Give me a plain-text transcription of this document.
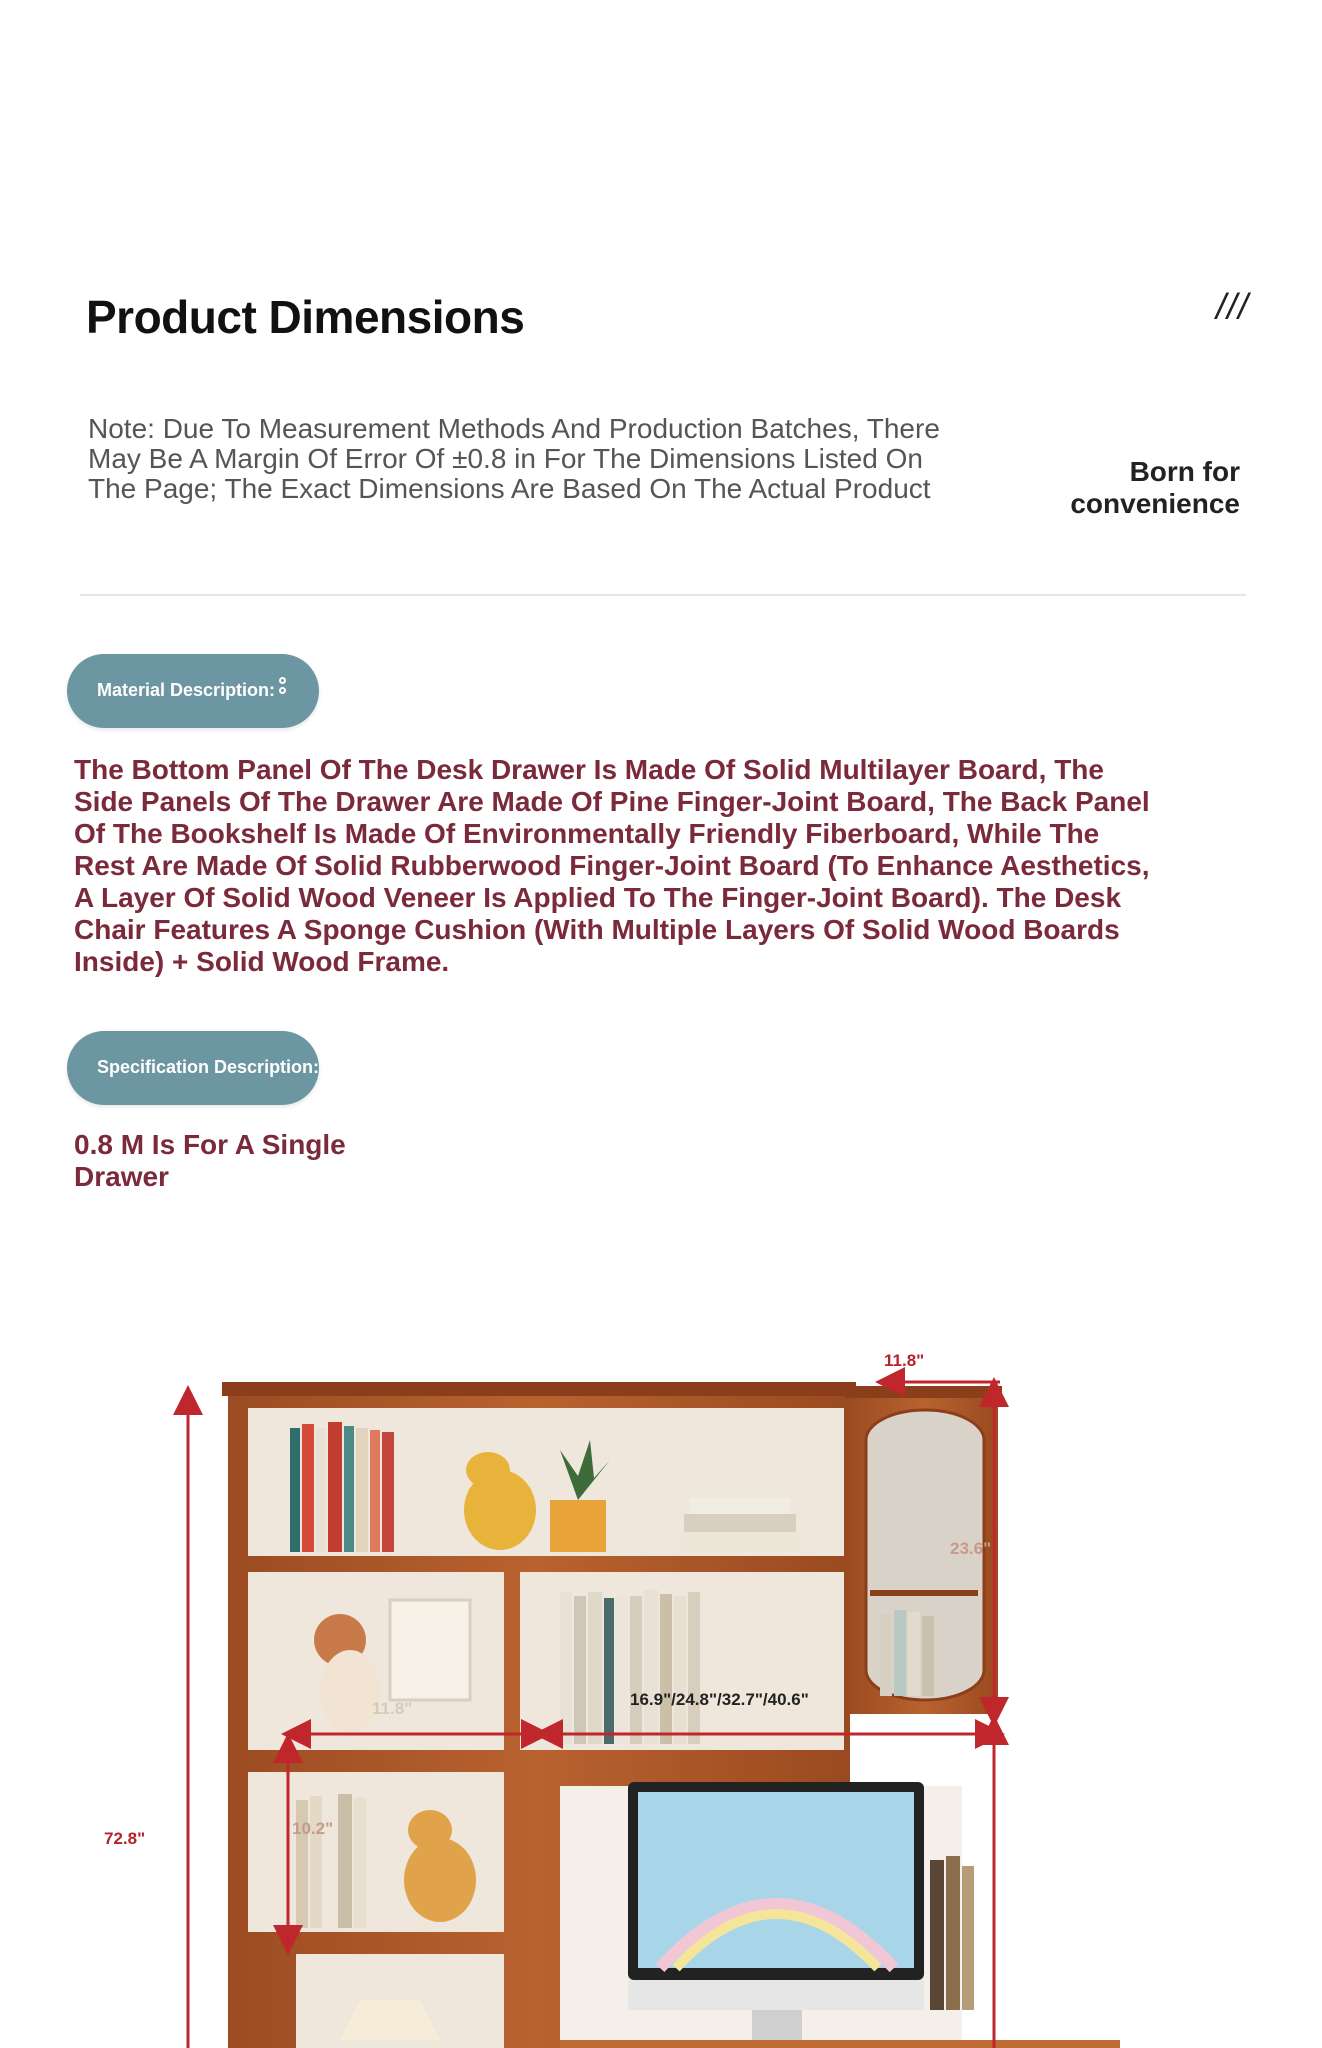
Product Dimensions	///
Note: Due To Measurement Methods And Production Batches, There May Be A Margin Of Error Of ±0.8 in For The Dimensions Listed On The Page; The Exact Dimensions Are Based On The Actual Product
Born for
convenience
Material Description:
The Bottom Panel Of The Desk Drawer Is Made Of Solid Multilayer Board, The Side Panels Of The Drawer Are Made Of Pine Finger-Joint Board, The Back Panel Of The Bookshelf Is Made Of Environmentally Friendly Fiberboard, While The Rest Are Made Of Solid Rubberwood Finger-Joint Board (To Enhance Aesthetics, A Layer Of Solid Wood Veneer Is Applied To The Finger-Joint Board). The Desk Chair Features A Sponge Cushion (With Multiple Layers Of Solid Wood Boards Inside) + Solid Wood Frame.
Specification Description:
0.8 M Is For A Single
Drawer
72.8"
11.8"
23.6"
11.8"	16.9"/24.8"/32.7"/40.6"
10.2"
